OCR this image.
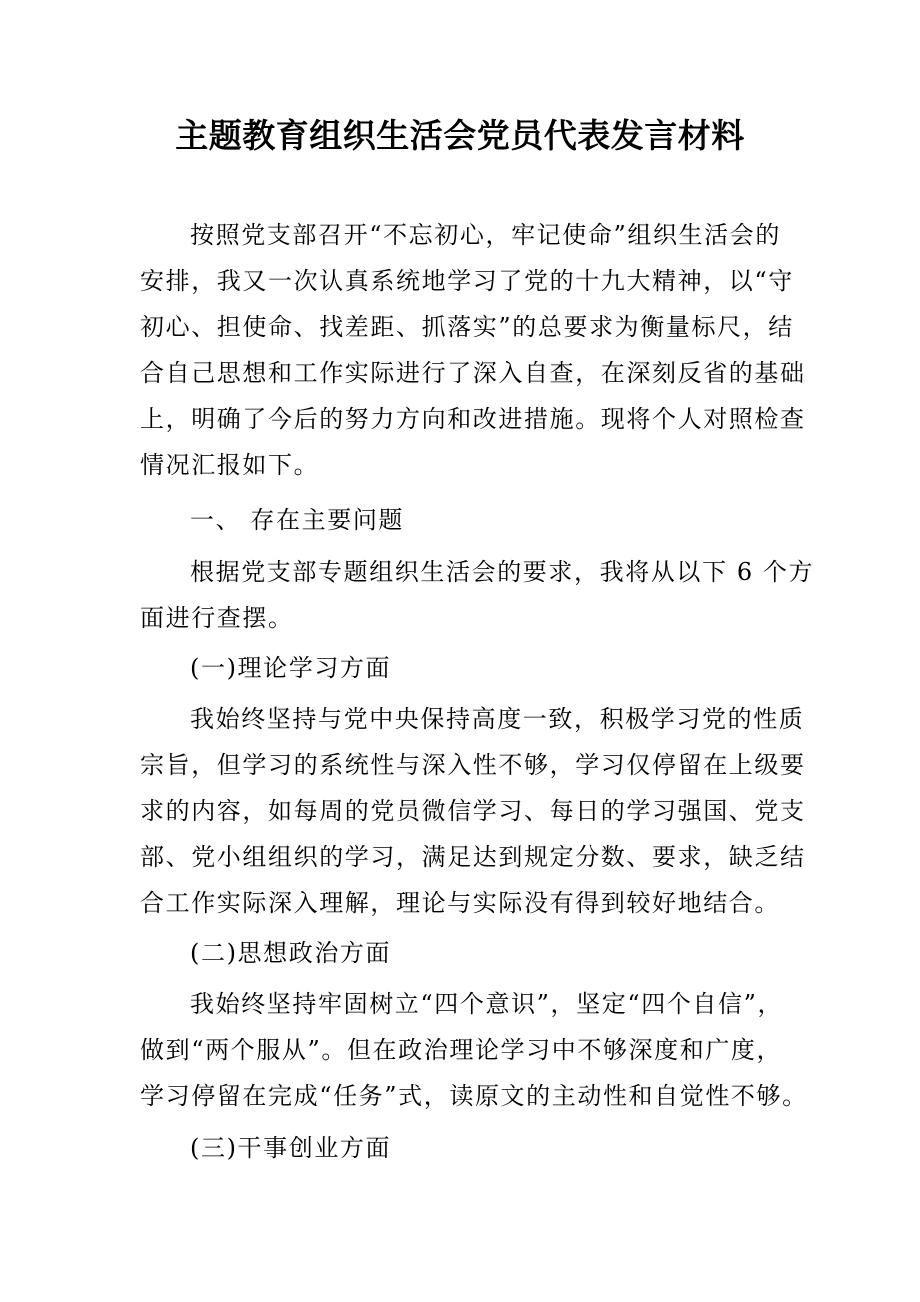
主题教育组织生活会党员代表发言材料

按照党支部召开“不忘初心，牢记使命”组织生活会的

安排，我又一次认真系统地学习了党的十九大精神，以“守

初心、担使命、找差距、抓落实”的总要求为衡量标尺，结

合自己思想和工作实际进行了深入自查，在深刻反省的基础

上，明确了今后的努力方向和改进措施。现将个人对照检查

情况汇报如下。

一、 存在主要问题

根据党支部专题组织生活会的要求，我将从以下 6 个方

面进行查摆。

(一)理论学习方面

我始终坚持与党中央保持高度一致，积极学习党的性质

宗旨，但学习的系统性与深入性不够，学习仅停留在上级要

求的内容，如每周的党员微信学习、每日的学习强国、党支

部、党小组组织的学习，满足达到规定分数、要求，缺乏结

合工作实际深入理解，理论与实际没有得到较好地结合。

(二)思想政治方面

我始终坚持牢固树立“四个意识”，坚定“四个自信”，

做到“两个服从”。但在政治理论学习中不够深度和广度，

学习停留在完成“任务”式，读原文的主动性和自觉性不够。

(三)干事创业方面
